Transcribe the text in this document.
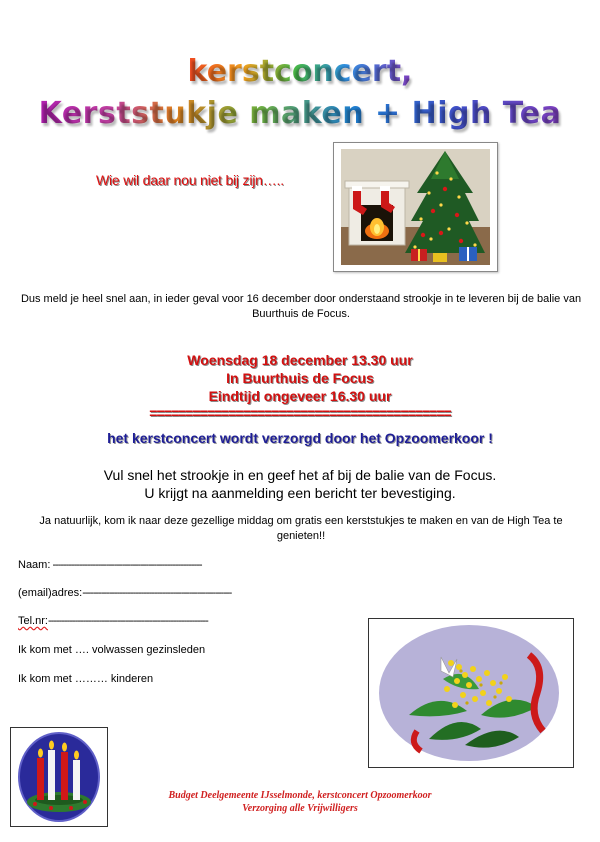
kerstconcert,
Kerststukje maken + High Tea
Wie wil daar nou niet bij zijn…..
Dus meld je heel snel aan, in ieder geval voor 16 december door onderstaand strookje in te leveren bij de balie van Buurthuis de Focus.
Woensdag 18 december 13.30 uur
In Buurthuis de Focus
Eindtijd ongeveer 16.30 uur
==========================================
het kerstconcert wordt verzorgd door het Opzoomerkoor !
Vul snel het strookje in en geef het af bij de balie van de Focus.
U krijgt na aanmelding een bericht ter bevestiging.
Ja natuurlijk, kom ik naar deze gezellige middag om gratis een kerststukjes te maken en van de High Tea te genieten!!
Naam: --------------------------------------------------------
(email)adres:--------------------------------------------------------
Tel.nr:------------------------------------------------------------
Ik kom met …. volwassen gezinsleden
Ik kom met ……… kinderen
Budget Deelgemeente IJsselmonde, kerstconcert Opzoomerkoor
Verzorging alle Vrijwilligers
